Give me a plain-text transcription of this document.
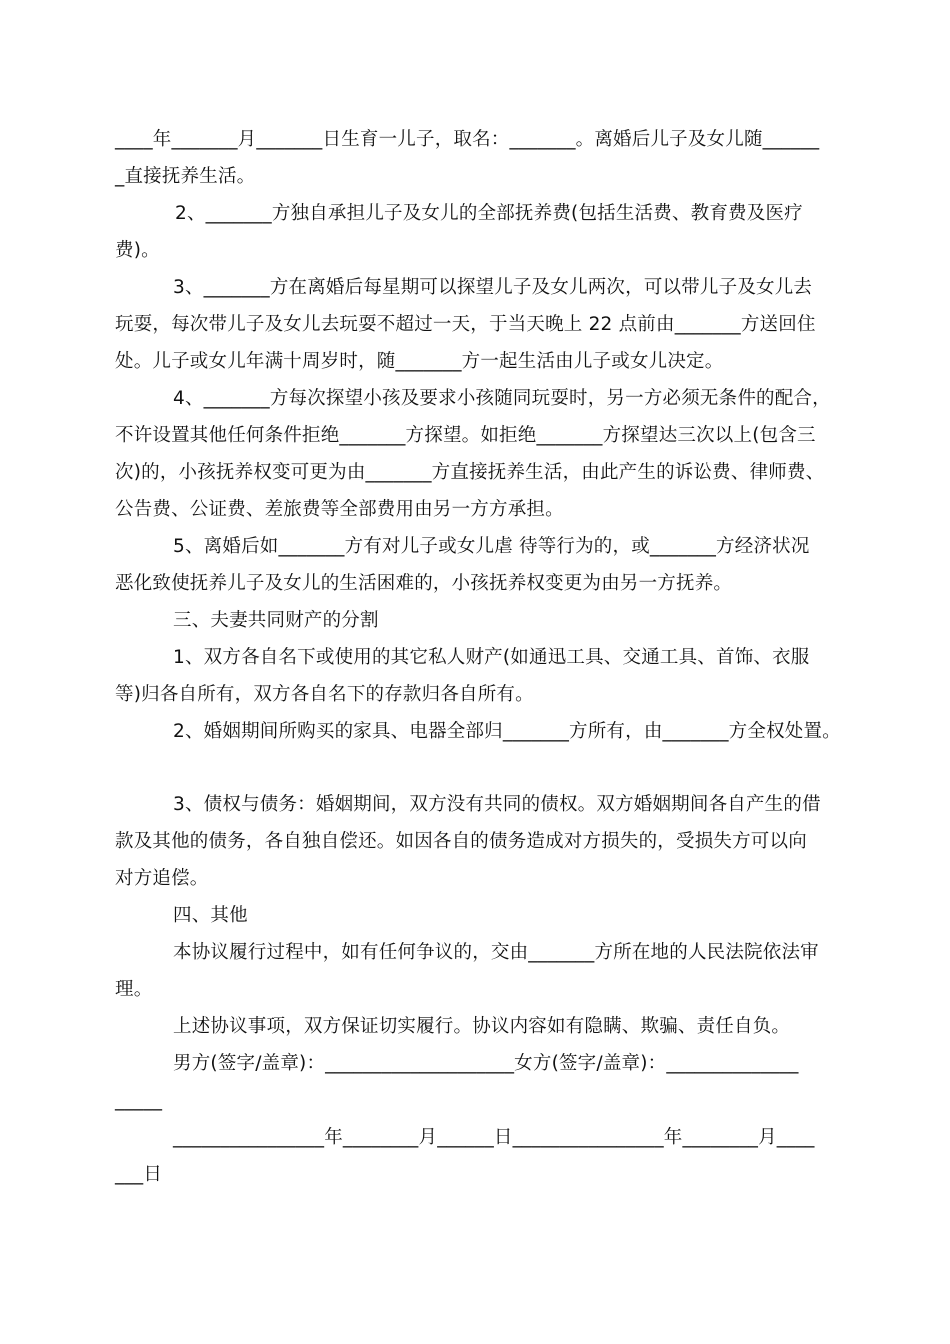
____年_______月_______日生育一儿子，取名：_______。离婚后儿子及女儿随______
_直接抚养生活。
2、_______方独自承担儿子及女儿的全部抚养费(包括生活费、教育费及医疗
费)。
3、_______方在离婚后每星期可以探望儿子及女儿两次，可以带儿子及女儿去
玩耍，每次带儿子及女儿去玩耍不超过一天，于当天晚上 22 点前由_______方送回住
处。儿子或女儿年满十周岁时，随_______方一起生活由儿子或女儿决定。
4、_______方每次探望小孩及要求小孩随同玩耍时，另一方必须无条件的配合，
不许设置其他任何条件拒绝_______方探望。如拒绝_______方探望达三次以上(包含三
次)的，小孩抚养权变可更为由_______方直接抚养生活，由此产生的诉讼费、律师费、
公告费、公证费、差旅费等全部费用由另一方方承担。
5、离婚后如_______方有对儿子或女儿虐 待等行为的，或_______方经济状况
恶化致使抚养儿子及女儿的生活困难的，小孩抚养权变更为由另一方抚养。
三、夫妻共同财产的分割
1、双方各自名下或使用的其它私人财产(如通迅工具、交通工具、首饰、衣服
等)归各自所有，双方各自名下的存款归各自所有。
2、婚姻期间所购买的家具、电器全部归_______方所有，由_______方全权处置。
3、债权与债务：婚姻期间，双方没有共同的债权。双方婚姻期间各自产生的借
款及其他的债务，各自独自偿还。如因各自的债务造成对方损失的，受损失方可以向
对方追偿。
四、其他
本协议履行过程中，如有任何争议的，交由_______方所在地的人民法院依法审
理。
上述协议事项，双方保证切实履行。协议内容如有隐瞒、欺骗、责任自负。
男方(签字/盖章)：____________________女方(签字/盖章)：______________
_____
________________年________月______日________________年________月____
___日
